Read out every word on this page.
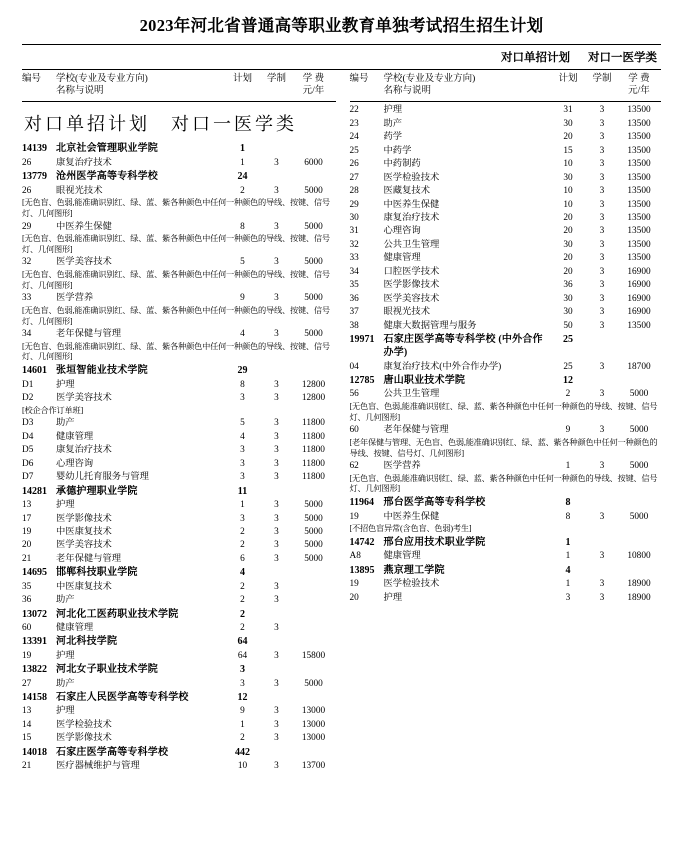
2023年河北省普通高等职业教育单独考试招生招生计划
对口单招计划 对口一医学类
编号	学校(专业及专业方向)
名称与说明
计划	学制	学 费
元/年
对口单招计划　对口一医学类
14139	北京社会管理职业学院	1		
26	康复治疗技术	1	3	6000
13779	沧州医学高等专科学校	24		
26	眼视光技术	2	3	5000
[无色盲、色弱,能准确识别红、绿、蓝、紫各种颜色中任何一种颜色的导线、按键、信号灯、几何图形]				
29	中医养生保健	8	3	5000
[无色盲、色弱,能准确识别红、绿、蓝、紫各种颜色中任何一种颜色的导线、按键、信号灯、几何图形]				
32	医学美容技术	5	3	5000
[无色盲、色弱,能准确识别红、绿、蓝、紫各种颜色中任何一种颜色的导线、按键、信号灯、几何图形]				
33	医学营养	9	3	5000
[无色盲、色弱,能准确识别红、绿、蓝、紫各种颜色中任何一种颜色的导线、按键、信号灯、几何图形]				
34	老年保健与管理	4	3	5000
[无色盲、色弱,能准确识别红、绿、蓝、紫各种颜色中任何一种颜色的导线、按键、信号灯、几何图形]				
14601	张垣智能业技术学院	29		
D1	护理	8	3	12800
D2	医学美容技术	3	3	12800
[校企合作订单班]				
D3	助产	5	3	11800
D4	健康管理	4	3	11800
D5	康复治疗技术	3	3	11800
D6	心理咨询	3	3	11800
D7	婴幼儿托育服务与管理	3	3	11800
14281	承德护理职业学院	11		
13	护理	1	3	5000
17	医学影像技术	3	3	5000
19	中医康复技术	2	3	5000
20	医学美容技术	2	3	5000
21	老年保健与管理	6	3	5000
14695	邯郸科技职业学院	4		
35	中医康复技术	2	3	
36	助产	2	3	
13072	河北化工医药职业技术学院	2		
60	健康管理	2	3	
13391	河北科技学院	64		
19	护理	64	3	15800
13822	河北女子职业技术学院	3		
27	助产	3	3	5000
14158	石家庄人民医学高等专科学校	12		
13	护理	9	3	13000
14	医学检验技术	1	3	13000
15	医学影像技术	2	3	13000
14018	石家庄医学高等专科学校	442		
21	医疗器械维护与管理	10	3	13700
编号	学校(专业及专业方向)
名称与说明
计划	学制	学 费
元/年
22	护理	31	3	13500
23	助产	30	3	13500
24	药学	20	3	13500
25	中药学	15	3	13500
26	中药制药	10	3	13500
27	医学检验技术	30	3	13500
28	医藏复技术	10	3	13500
29	中医养生保健	10	3	13500
30	康复治疗技术	20	3	13500
31	心理咨询	20	3	13500
32	公共卫生管理	30	3	13500
33	健康管理	20	3	13500
34	口腔医学技术	20	3	16900
35	医学影像技术	36	3	16900
36	医学美容技术	30	3	16900
37	眼视光技术	30	3	16900
38	健康大数据管理与服务	50	3	13500
19971	石家庄医学高等专科学校 (中外合作办学)	25		
04	康复治疗技术(中外合作办学)	25	3	18700
12785	唐山职业技术学院	12		
56	公共卫生管理	2	3	5000
[无色盲、色弱,能准确识别红、绿、蓝、紫各种颜色中任何一种颜色的导线、按键、信号灯、几何图形]				
60	老年保健与管理	9	3	5000
[老年保健与管理、无色盲、色弱,能准确识别红、绿、蓝、紫各种颜色中任何一种颜色的导线、按键、信号灯、几何图形]				
62	医学营养	1	3	5000
[无色盲、色弱,能准确识别红、绿、蓝、紫各种颜色中任何一种颜色的导线、按键、信号灯、几何图形]				
11964	邢台医学高等专科学校	8		
19	中医养生保健	8	3	5000
[不招色盲异常(含色盲、色弱)考生]				
14742	邢台应用技术职业学院	1		
A8	健康管理	1	3	10800
13895	燕京理工学院	4		
19	医学检验技术	1	3	18900
20	护理	3	3	18900
